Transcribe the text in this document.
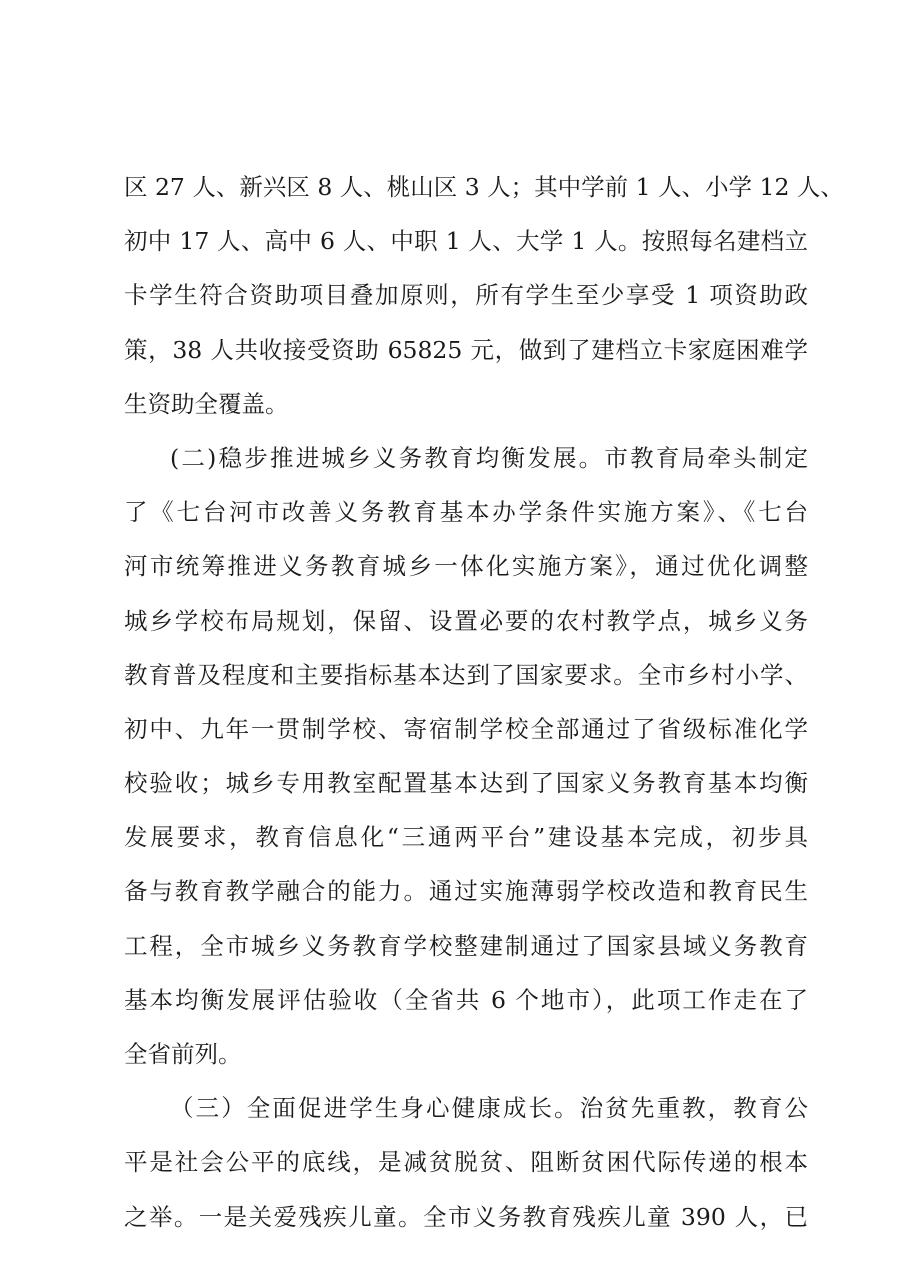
区 27 人、新兴区 8 人、桃山区 3 人；其中学前 1 人、小学 12 人、
初中 17 人、高中 6 人、中职 1 人、大学 1 人。按照每名建档立
卡学生符合资助项目叠加原则，所有学生至少享受 1 项资助政
策，38 人共收接受资助 65825 元，做到了建档立卡家庭困难学
生资助全覆盖。
(二)稳步推进城乡义务教育均衡发展。市教育局牵头制定
了《七台河市改善义务教育基本办学条件实施方案》、《七台
河市统筹推进义务教育城乡一体化实施方案》，通过优化调整
城乡学校布局规划，保留、设置必要的农村教学点，城乡义务
教育普及程度和主要指标基本达到了国家要求。全市乡村小学、
初中、九年一贯制学校、寄宿制学校全部通过了省级标准化学
校验收；城乡专用教室配置基本达到了国家义务教育基本均衡
发展要求，教育信息化“三通两平台”建设基本完成，初步具
备与教育教学融合的能力。通过实施薄弱学校改造和教育民生
工程，全市城乡义务教育学校整建制通过了国家县域义务教育
基本均衡发展评估验收（全省共 6 个地市），此项工作走在了
全省前列。
（三）全面促进学生身心健康成长。治贫先重教，教育公
平是社会公平的底线，是减贫脱贫、阻断贫困代际传递的根本
之举。一是关爱残疾儿童。全市义务教育残疾儿童 390 人，已
